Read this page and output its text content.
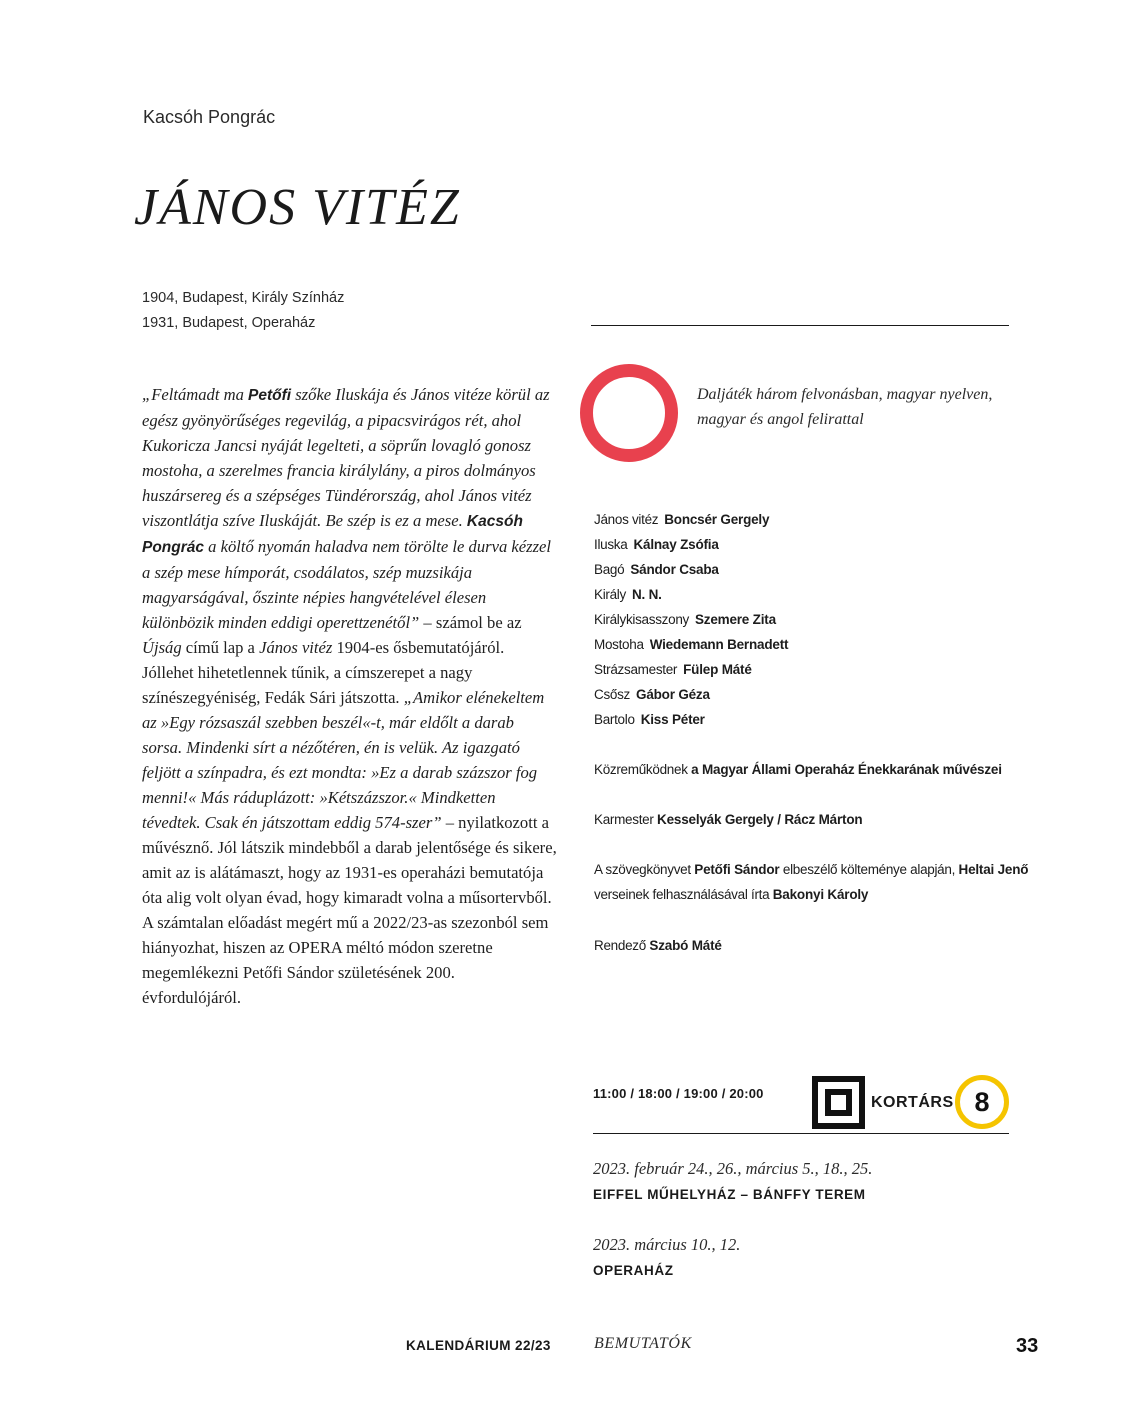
Kacsóh Pongrác
JÁNOS VITÉZ
1904, Budapest, Király Színház
1931, Budapest, Operaház
„Feltámadt ma Petőfi szőke Iluskája és János vitéze körül az egész gyönyörűséges regevilág, a pipacsvirágos rét, ahol Kukoricza Jancsi nyáját legelteti, a söprűn lovagló gonosz mostoha, a szerelmes francia királylány, a piros dolmányos huszársereg és a szépséges Tündérország, ahol János vitéz viszontlátja szíve Iluskáját. Be szép is ez a mese. Kacsóh Pongrác a költő nyomán haladva nem törölte le durva kézzel a szép mese hímporát, csodálatos, szép muzsikája magyarságával, őszinte népies hangvételével élesen különbözik minden eddigi operettzenétől” – számol be az Újság című lap a János vitéz 1904-es ősbemutatójáról. Jóllehet hihetetlennek tűnik, a címszerepet a nagy színészegyéniség, Fedák Sári játszotta. „Amikor elénekeltem az »Egy rózsaszál szebben beszél«-t, már eldőlt a darab sorsa. Mindenki sírt a nézőtéren, én is velük. Az igazgató feljött a színpadra, és ezt mondta: »Ez a darab százszor fog menni!« Más ráduplázott: »Kétszázszor.« Mindketten tévedtek. Csak én játszottam eddig 574-szer” – nyilatkozott a művésznő. Jól látszik mindebből a darab jelentősége és sikere, amit az is alátámaszt, hogy az 1931-es operaházi bemutatója óta alig volt olyan évad, hogy kimaradt volna a műsortervből. A számtalan előadást megért mű a 2022/23-as szezonból sem hiányozhat, hiszen az OPERA méltó módon szeretne megemlékezni Petőfi Sándor születésének 200. évfordulójáról.
Daljáték három felvonásban, magyar nyelven, magyar és angol felirattal
János vitéz Boncsér Gergely
Iluska Kálnay Zsófia
Bagó Sándor Csaba
Király N. N.
Királykisasszony Szemere Zita
Mostoha Wiedemann Bernadett
Strázsamester Fülep Máté
Csősz Gábor Géza
Bartolo Kiss Péter
Közreműködnek a Magyar Állami Operaház Énekkarának művészei
Karmester Kesselyák Gergely / Rácz Márton
A szövegkönyvet Petőfi Sándor elbeszélő költeménye alapján, Heltai Jenő
verseinek felhasználásával írta Bakonyi Károly
Rendező Szabó Máté
11:00 / 18:00 / 19:00 / 20:00
KORTÁRS 8
2023. február 24., 26., március 5., 18., 25.
EIFFEL MŰHELYHÁZ – BÁNFFY TEREM
2023. március 10., 12.
OPERAHÁZ
KALENDÁRIUM 22/23	BEMUTATÓK	33
